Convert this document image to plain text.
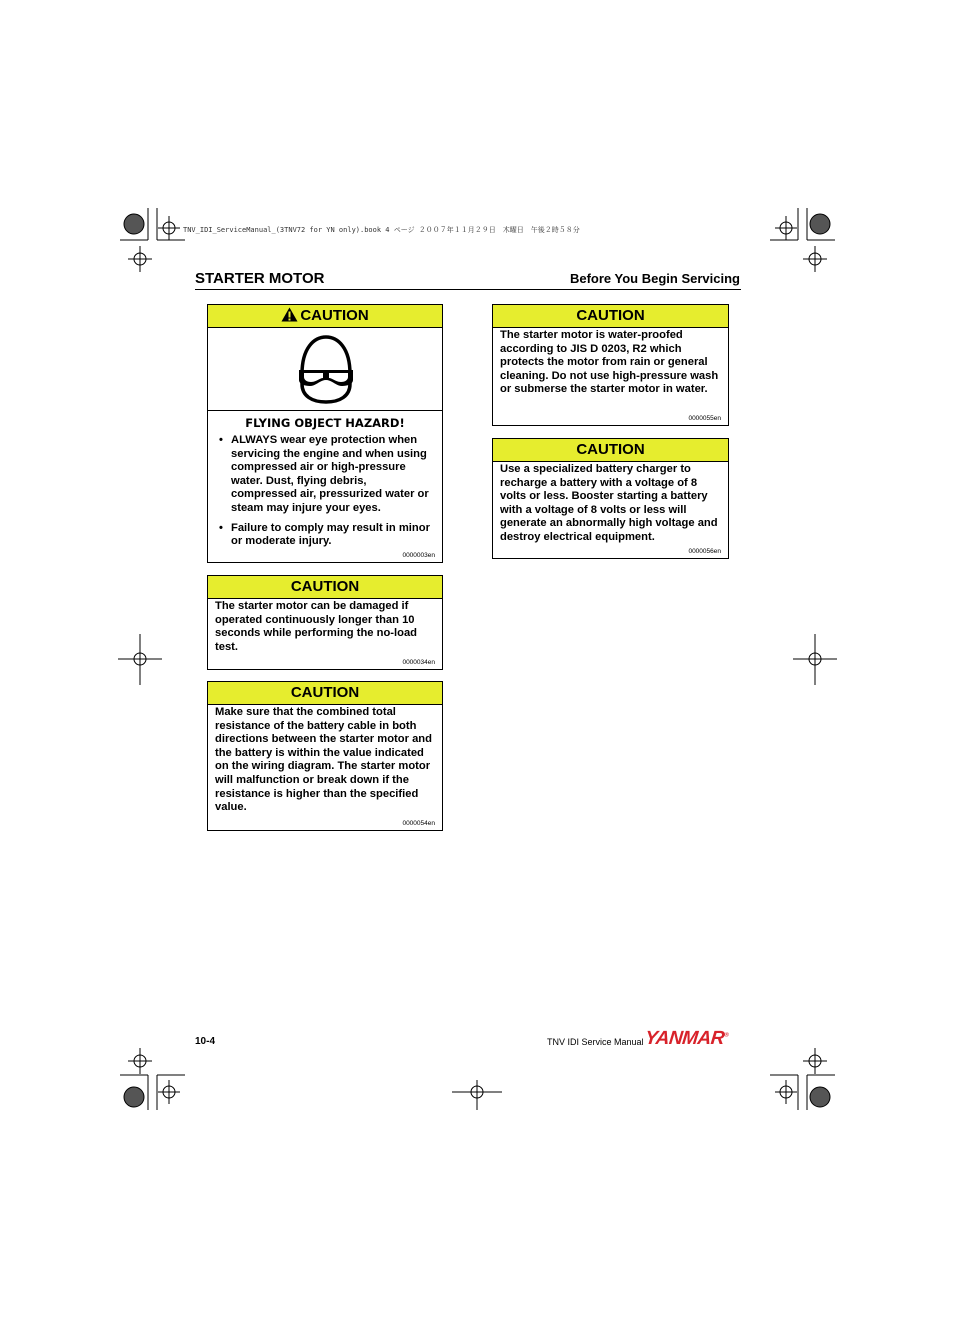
TNV_IDI_ServiceManual_(3TNV72 for YN only).book 4 ページ ２００７年１１月２９日　木曜日　午後２時５８分
STARTER MOTOR	Before You Begin Servicing
CAUTION

FLYING OBJECT HAZARD!

• ALWAYS wear eye protection when servicing the engine and when using compressed air or high-pressure water. Dust, flying debris, compressed air, pressurized water or steam may injure your eyes.
• Failure to comply may result in minor or moderate injury.
0000003en
CAUTION
The starter motor can be damaged if operated continuously longer than 10 seconds while performing the no-load test.
0000034en
CAUTION
Make sure that the combined total resistance of the battery cable in both directions between the starter motor and the battery is within the value indicated on the wiring diagram. The starter motor will malfunction or break down if the resistance is higher than the specified value.
0000054en
CAUTION
The starter motor is water-proofed according to JIS D 0203, R2 which protects the motor from rain or general cleaning. Do not use high-pressure wash or submerse the starter motor in water.
0000055en
CAUTION
Use a specialized battery charger to recharge a battery with a voltage of 8 volts or less. Booster starting a battery with a voltage of 8 volts or less will generate an abnormally high voltage and destroy electrical equipment.
0000056en
10-4	TNV IDI Service Manual YANMAR®
